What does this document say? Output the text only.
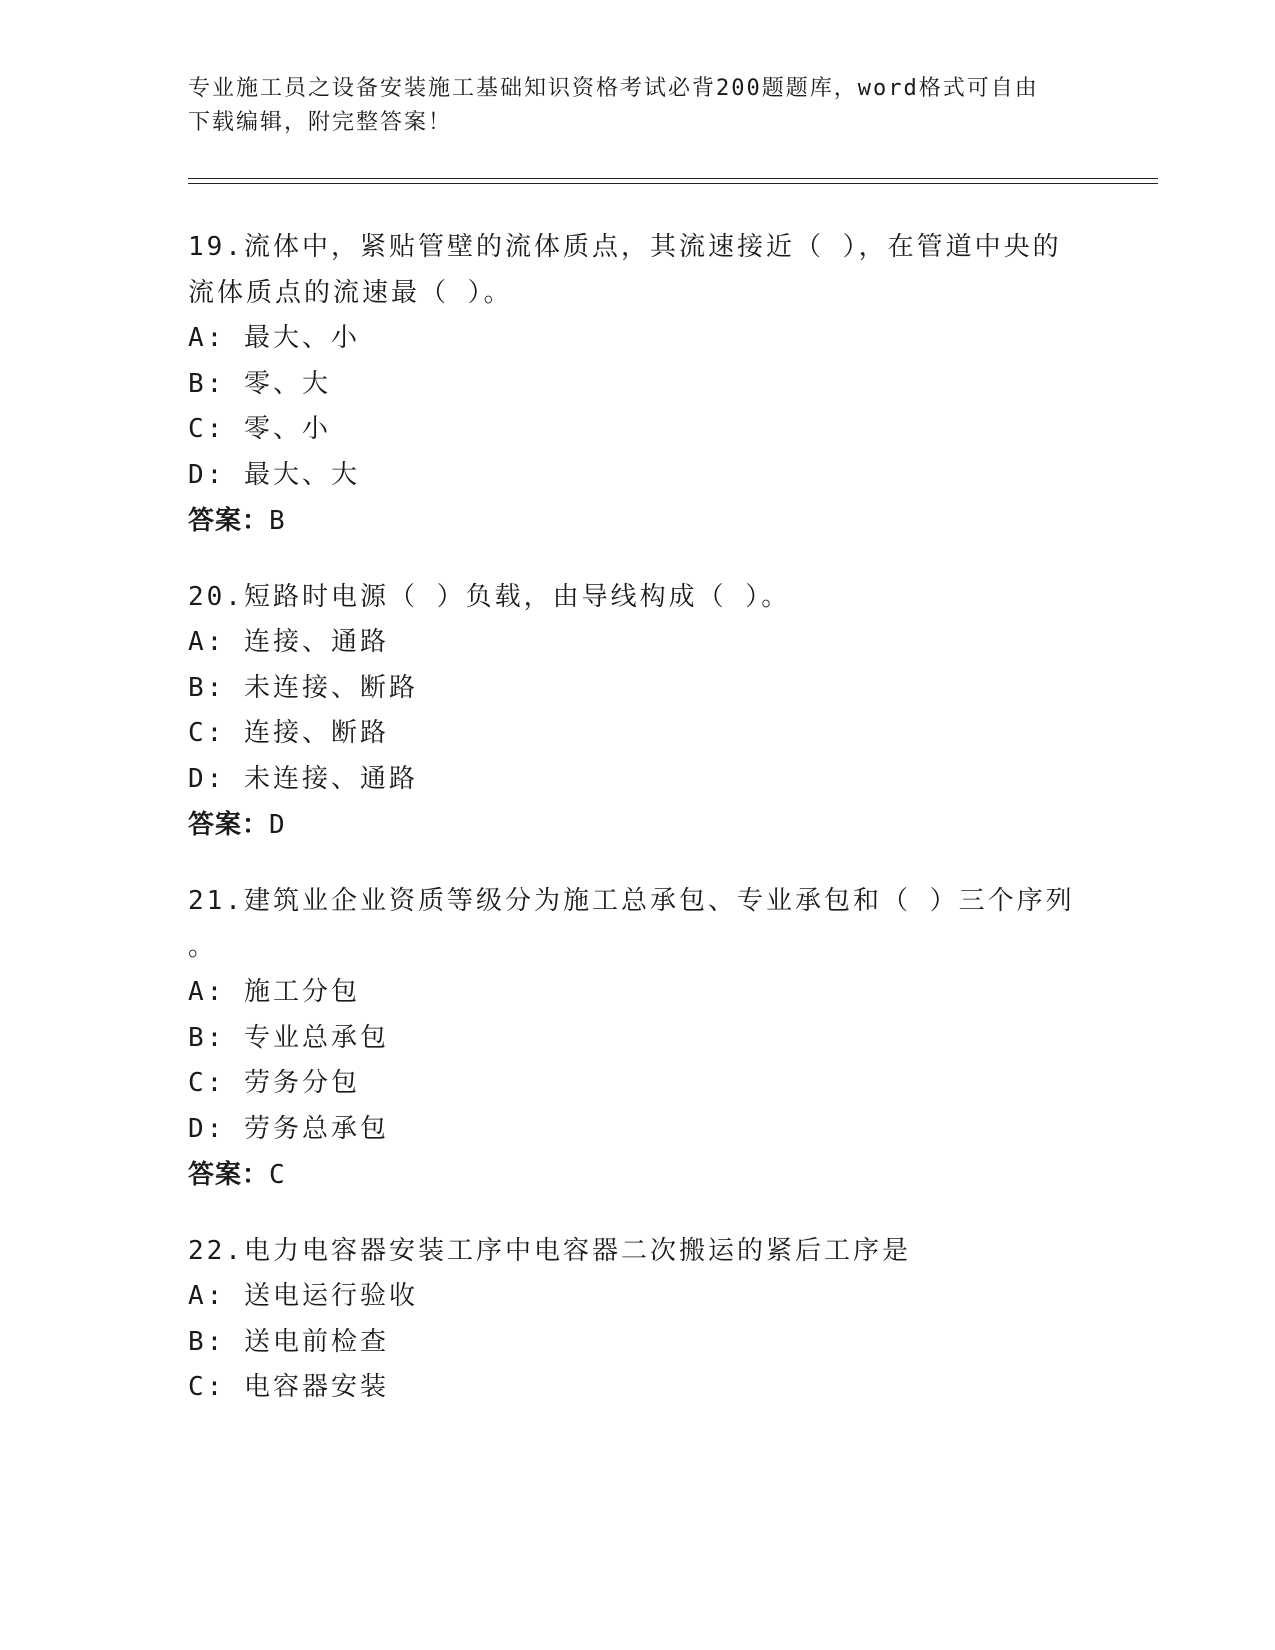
专业施工员之设备安装施工基础知识资格考试必背200题题库，word格式可自由
下载编辑，附完整答案！

19.流体中，紧贴管壁的流体质点，其流速接近（ ），在管道中央的

流体质点的流速最（ ）。

A: 最大、小

B: 零、大

C: 零、小

D: 最大、大

答案：B

20.短路时电源（ ）负载，由导线构成（ ）。

A: 连接、通路

B: 未连接、断路

C: 连接、断路

D: 未连接、通路

答案：D

21.建筑业企业资质等级分为施工总承包、专业承包和（ ）三个序列

。

A: 施工分包

B: 专业总承包

C: 劳务分包

D: 劳务总承包

答案：C

22.电力电容器安装工序中电容器二次搬运的紧后工序是

A: 送电运行验收

B: 送电前检查

C: 电容器安装
